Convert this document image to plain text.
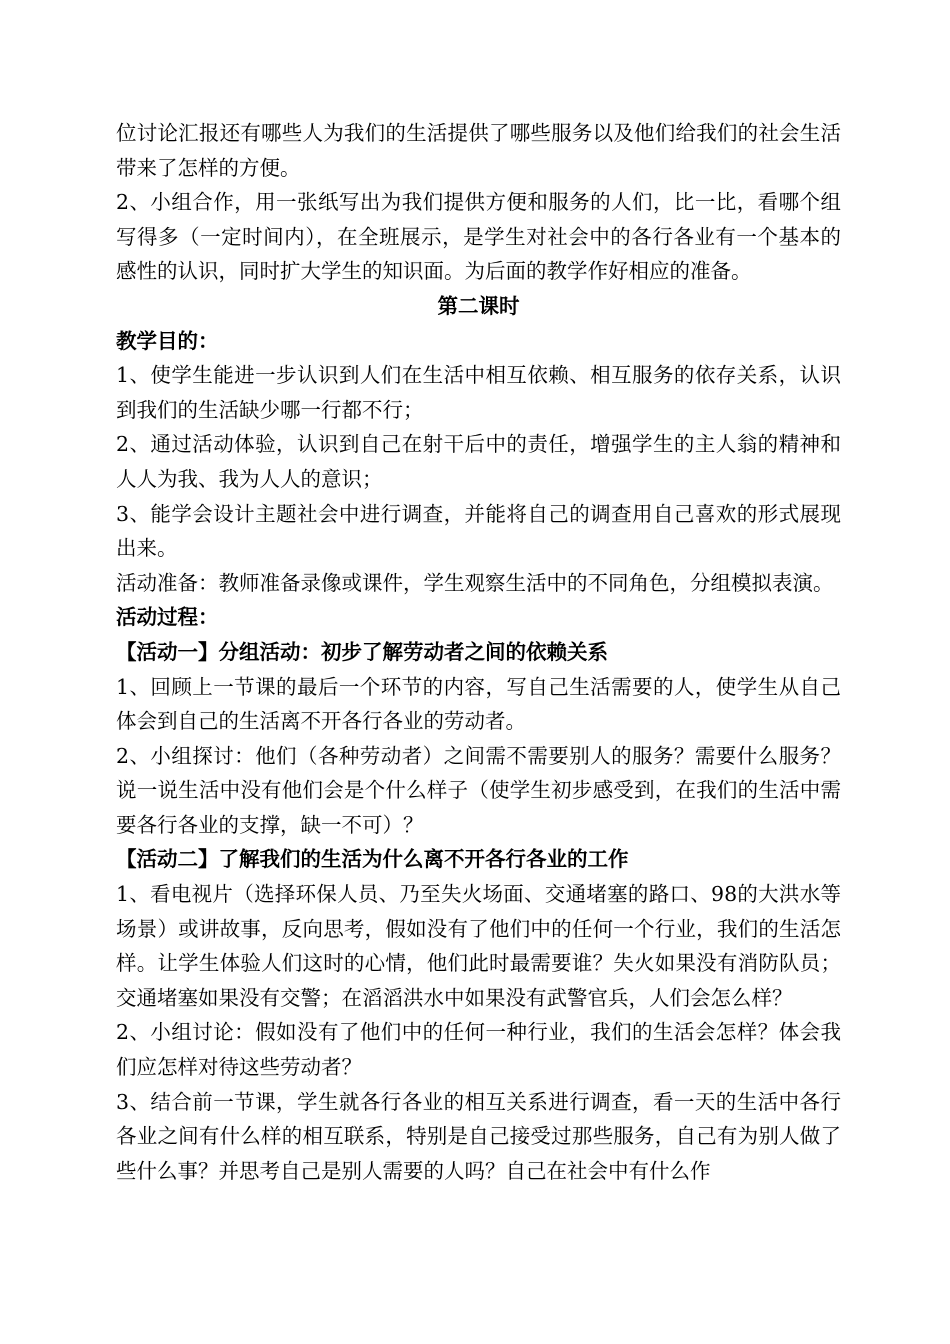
位讨论汇报还有哪些人为我们的生活提供了哪些服务以及他们给我们的社会生活带来了怎样的方便。

2、小组合作，用一张纸写出为我们提供方便和服务的人们，比一比，看哪个组写得多（一定时间内），在全班展示，是学生对社会中的各行各业有一个基本的感性的认识，同时扩大学生的知识面。为后面的教学作好相应的准备。

第二课时

教学目的：

1、使学生能进一步认识到人们在生活中相互依赖、相互服务的依存关系，认识到我们的生活缺少哪一行都不行；

2、通过活动体验，认识到自己在射干后中的责任，增强学生的主人翁的精神和人人为我、我为人人的意识；

3、能学会设计主题社会中进行调查，并能将自己的调查用自己喜欢的形式展现出来。

活动准备：教师准备录像或课件，学生观察生活中的不同角色，分组模拟表演。

活动过程：

【活动一】分组活动：初步了解劳动者之间的依赖关系

1、回顾上一节课的最后一个环节的内容，写自己生活需要的人，使学生从自己体会到自己的生活离不开各行各业的劳动者。

2、小组探讨：他们（各种劳动者）之间需不需要别人的服务？需要什么服务？说一说生活中没有他们会是个什么样子（使学生初步感受到，在我们的生活中需要各行各业的支撑，缺一不可）？

【活动二】了解我们的生活为什么离不开各行各业的工作

1、看电视片（选择环保人员、乃至失火场面、交通堵塞的路口、98的大洪水等场景）或讲故事，反向思考，假如没有了他们中的任何一个行业，我们的生活怎样。让学生体验人们这时的心情，他们此时最需要谁？失火如果没有消防队员；交通堵塞如果没有交警；在滔滔洪水中如果没有武警官兵，人们会怎么样？

2、小组讨论：假如没有了他们中的任何一种行业，我们的生活会怎样？体会我们应怎样对待这些劳动者？

3、结合前一节课，学生就各行各业的相互关系进行调查，看一天的生活中各行各业之间有什么样的相互联系，特别是自己接受过那些服务，自己有为别人做了些什么事？并思考自己是别人需要的人吗？自己在社会中有什么作
